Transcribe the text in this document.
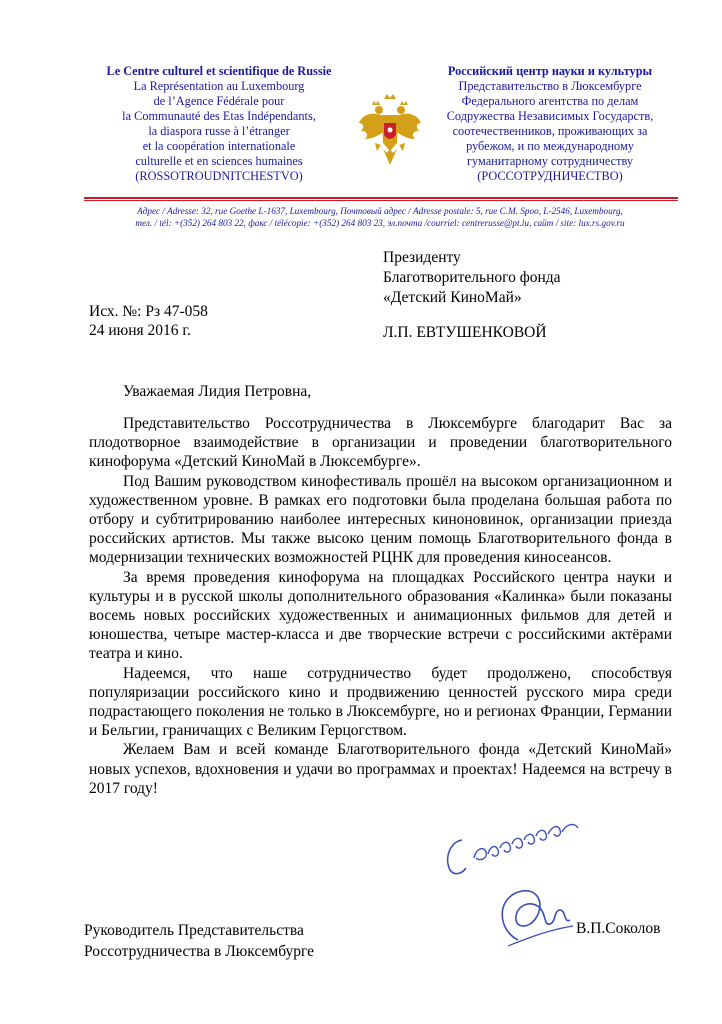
Le Centre culturel et scientifique de Russie
La Représentation au Luxembourg
de l’Agence Fédérale pour
la Communauté des Etas Indépendants,
la diaspora russe à l’étranger
et la coopération internationale
culturelle et en sciences humaines
(ROSSOTROUDNITCHESTVO)
Российский центр науки и культуры
Представительство в Люксембурге
Федерального агентства по делам
Содружества Независимых Государств,
соотечественников, проживающих за
рубежом, и по международному
гуманитарному сотрудничеству
(РОССОТРУДНИЧЕСТВО)
Адрес / Adresse: 32, rue Goethe L-1637, Luxembourg, Почтовый адрес / Adresse postale: 5, rue C.M. Spoo, L-2546, Luxembourg,
тел. / tél: +(352) 264 803 22, факс / télécopie: +(352) 264 803 23, эл.почта /courriel: centrerusse@pt.lu, сайт / site: lux.rs.gov.ru
Президенту
Благотворительного фонда
«Детский КиноМай»
Л.П. ЕВТУШЕНКОВОЙ
Исх. №: Рз 47-058
24 июня 2016 г.
Уважаемая Лидия Петровна,

Представительство Россотрудничества в Люксембурге благодарит Вас за плодотворное взаимодействие в организации и проведении благотворительного кинофорума «Детский КиноМай в Люксембурге».

Под Вашим руководством кинофестиваль прошёл на высоком организационном и художественном уровне. В рамках его подготовки была проделана большая работа по отбору и субтитрированию наиболее интересных киноновинок, организации приезда российских артистов. Мы также высоко ценим помощь Благотворительного фонда в модернизации технических возможностей РЦНК для проведения киносеансов.

За время проведения кинофорума на площадках Российского центра науки и культуры и в русской школы дополнительного образования «Калинка» были показаны восемь новых российских художественных и анимационных фильмов для детей и юношества, четыре мастер-класса и две творческие встречи с российскими актёрами театра и кино.

Надеемся, что наше сотрудничество будет продолжено, способствуя популяризации российского кино и продвижению ценностей русского мира среди подрастающего поколения не только в Люксембурге, но и регионах Франции, Германии и Бельгии, граничащих с Великим Герцогством.

Желаем Вам и всей команде Благотворительного фонда «Детский КиноМай» новых успехов, вдохновения и удачи во программах и проектах! Надеемся на встречу в 2017 году!

Руководитель Представительства
Россотрудничества в Люксембурге
В.П.Соколов
